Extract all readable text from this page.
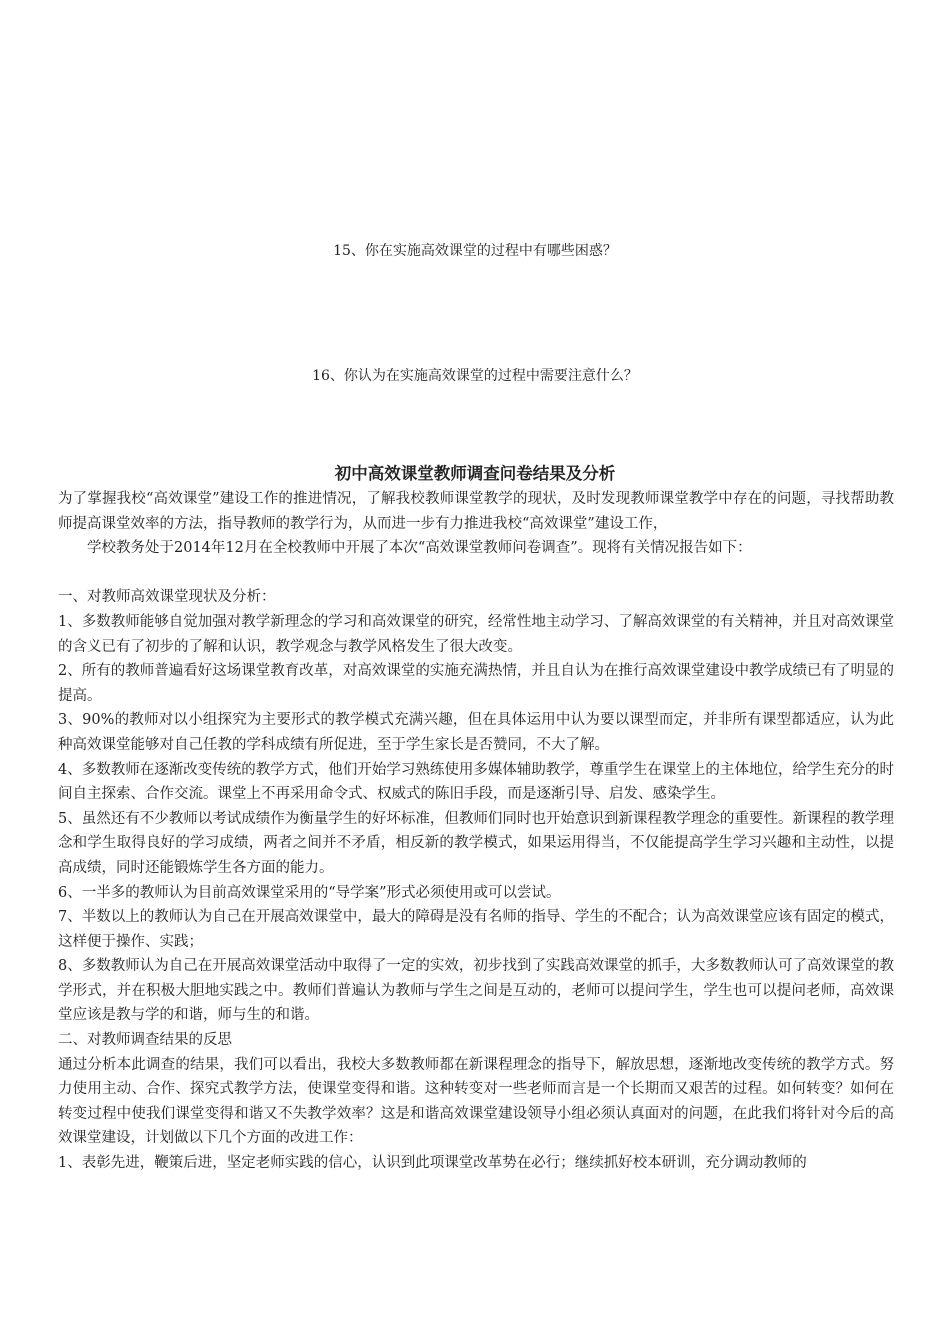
15、你在实施高效课堂的过程中有哪些困惑？
16、你认为在实施高效课堂的过程中需要注意什么？
初中高效课堂教师调查问卷结果及分析

为了掌握我校“高效课堂”建设工作的推进情况，了解我校教师课堂教学的现状，及时发现教师课堂教学中存在的问题，寻找帮助教师提高课堂效率的方法，指导教师的教学行为，从而进一步有力推进我校“高效课堂”建设工作，

学校教务处于2014年12月在全校教师中开展了本次“高效课堂教师问卷调查”。现将有关情况报告如下：

一、对教师高效课堂现状及分析：

1、多数教师能够自觉加强对教学新理念的学习和高效课堂的研究，经常性地主动学习、了解高效课堂的有关精神，并且对高效课堂的含义已有了初步的了解和认识，教学观念与教学风格发生了很大改变。

2、所有的教师普遍看好这场课堂教育改革，对高效课堂的实施充满热情，并且自认为在推行高效课堂建设中教学成绩已有了明显的提高。

3、90%的教师对以小组探究为主要形式的教学模式充满兴趣，但在具体运用中认为要以课型而定，并非所有课型都适应，认为此种高效课堂能够对自己任教的学科成绩有所促进，至于学生家长是否赞同，不大了解。

4、多数教师在逐渐改变传统的教学方式，他们开始学习熟练使用多媒体辅助教学，尊重学生在课堂上的主体地位，给学生充分的时间自主探索、合作交流。课堂上不再采用命令式、权威式的陈旧手段，而是逐渐引导、启发、感染学生。

5、虽然还有不少教师以考试成绩作为衡量学生的好坏标准，但教师们同时也开始意识到新课程教学理念的重要性。新课程的教学理念和学生取得良好的学习成绩，两者之间并不矛盾，相反新的教学模式，如果运用得当，不仅能提高学生学习兴趣和主动性，以提高成绩，同时还能锻炼学生各方面的能力。

6、一半多的教师认为目前高效课堂采用的“导学案”形式必须使用或可以尝试。

7、半数以上的教师认为自己在开展高效课堂中，最大的障碍是没有名师的指导、学生的不配合；认为高效课堂应该有固定的模式，这样便于操作、实践；

8、多数教师认为自己在开展高效课堂活动中取得了一定的实效，初步找到了实践高效课堂的抓手，大多数教师认可了高效课堂的教学形式，并在积极大胆地实践之中。教师们普遍认为教师与学生之间是互动的，老师可以提问学生，学生也可以提问老师，高效课堂应该是教与学的和谐，师与生的和谐。

二、对教师调查结果的反思

通过分析本此调查的结果，我们可以看出，我校大多数教师都在新课程理念的指导下，解放思想，逐渐地改变传统的教学方式。努力使用主动、合作、探究式教学方法，使课堂变得和谐。这种转变对一些老师而言是一个长期而又艰苦的过程。如何转变？如何在转变过程中使我们课堂变得和谐又不失教学效率？这是和谐高效课堂建设领导小组必须认真面对的问题，在此我们将针对今后的高效课堂建设，计划做以下几个方面的改进工作：

1、表彰先进，鞭策后进，坚定老师实践的信心，认识到此项课堂改革势在必行；继续抓好校本研训，充分调动教师的
